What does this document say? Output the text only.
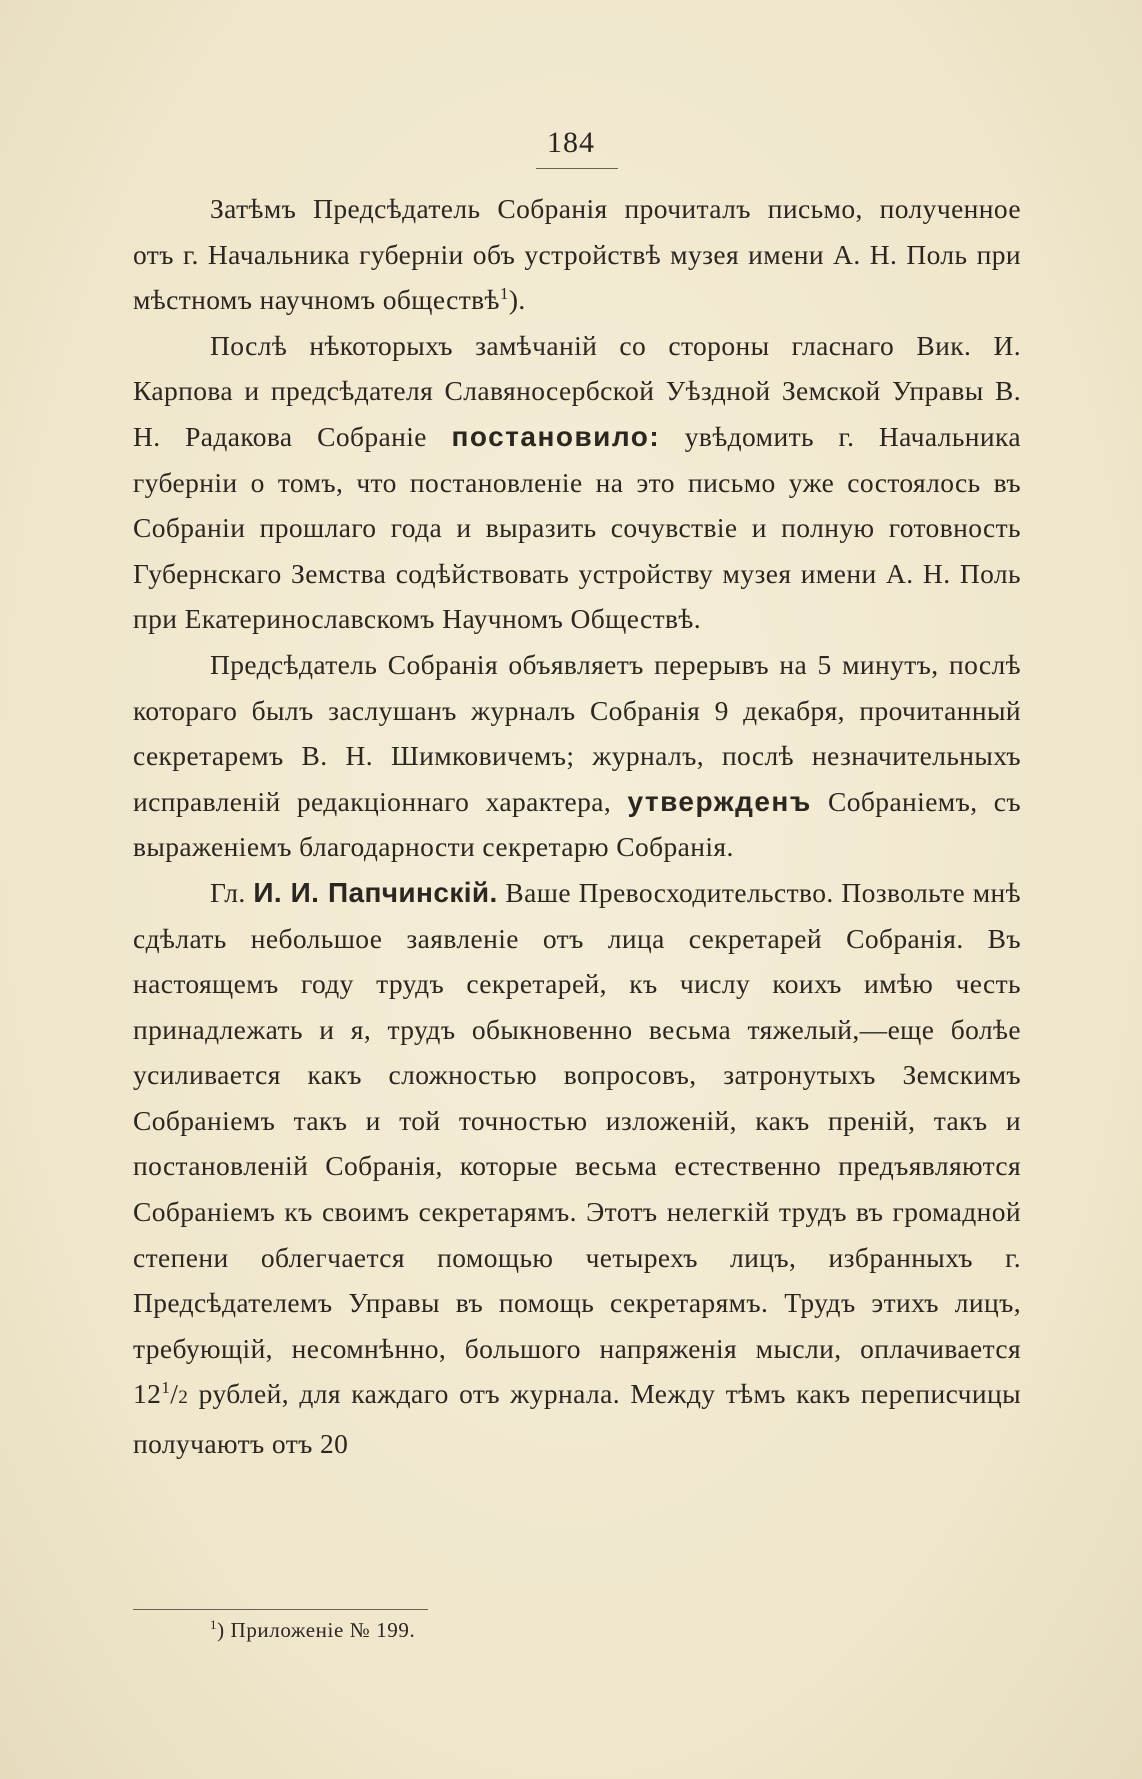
184

Затѣмъ Предсѣдатель Собранія прочиталъ письмо, полученное отъ г. Начальника губерніи объ устройствѣ музея имени А. Н. Поль при мѣстномъ научномъ обществѣ$^1$).

Послѣ нѣкоторыхъ замѣчаній со стороны гласнаго Вик. И. Карпова и предсѣдателя Славяносербской Уѣздной Земской Управы В. Н. Радакова Собраніе постановило: увѣдомить г. Начальника губерніи о томъ, что постановленіе на это письмо уже состоялось въ Собраніи прошлаго года и выразить сочувствіе и полную готовность Губернскаго Земства содѣйствовать устройству музея имени А. Н. Поль при Екатеринославскомъ Научномъ Обществѣ.

Предсѣдатель Собранія объявляетъ перерывъ на 5 минутъ, послѣ котораго былъ заслушанъ журналъ Собранія 9 декабря, прочитанный секретаремъ В. Н. Шимковичемъ; журналъ, послѣ незначительныхъ исправленій редакціоннаго характера, утвержденъ Собраніемъ, съ выраженіемъ благодарности секретарю Собранія.

Гл. И. И. Папчинскій. Ваше Превосходительство. Позвольте мнѣ сдѣлать небольшое заявленіе отъ лица секретарей Собранія. Въ настоящемъ году трудъ секретарей, къ числу коихъ имѣю честь принадлежать и я, трудъ обыкновенно весьма тяжелый,—еще болѣе усиливается какъ сложностью вопросовъ, затронутыхъ Земскимъ Собраніемъ такъ и той точностью изложеній, какъ преній, такъ и постановленій Собранія, которые весьма естественно предъявляются Собраніемъ къ своимъ секретарямъ. Этотъ нелегкій трудъ въ громадной степени облегчается помощью четырехъ лицъ, избранныхъ г. Предсѣдателемъ Управы въ помощь секретарямъ. Трудъ этихъ лицъ, требующій, несомнѣнно, большого напряженія мысли, оплачивается $12^1/2$ рублей, для каждаго отъ журнала. Между тѣмъ какъ переписчицы получаютъ отъ 20

$^1$) Приложеніе № 199.
